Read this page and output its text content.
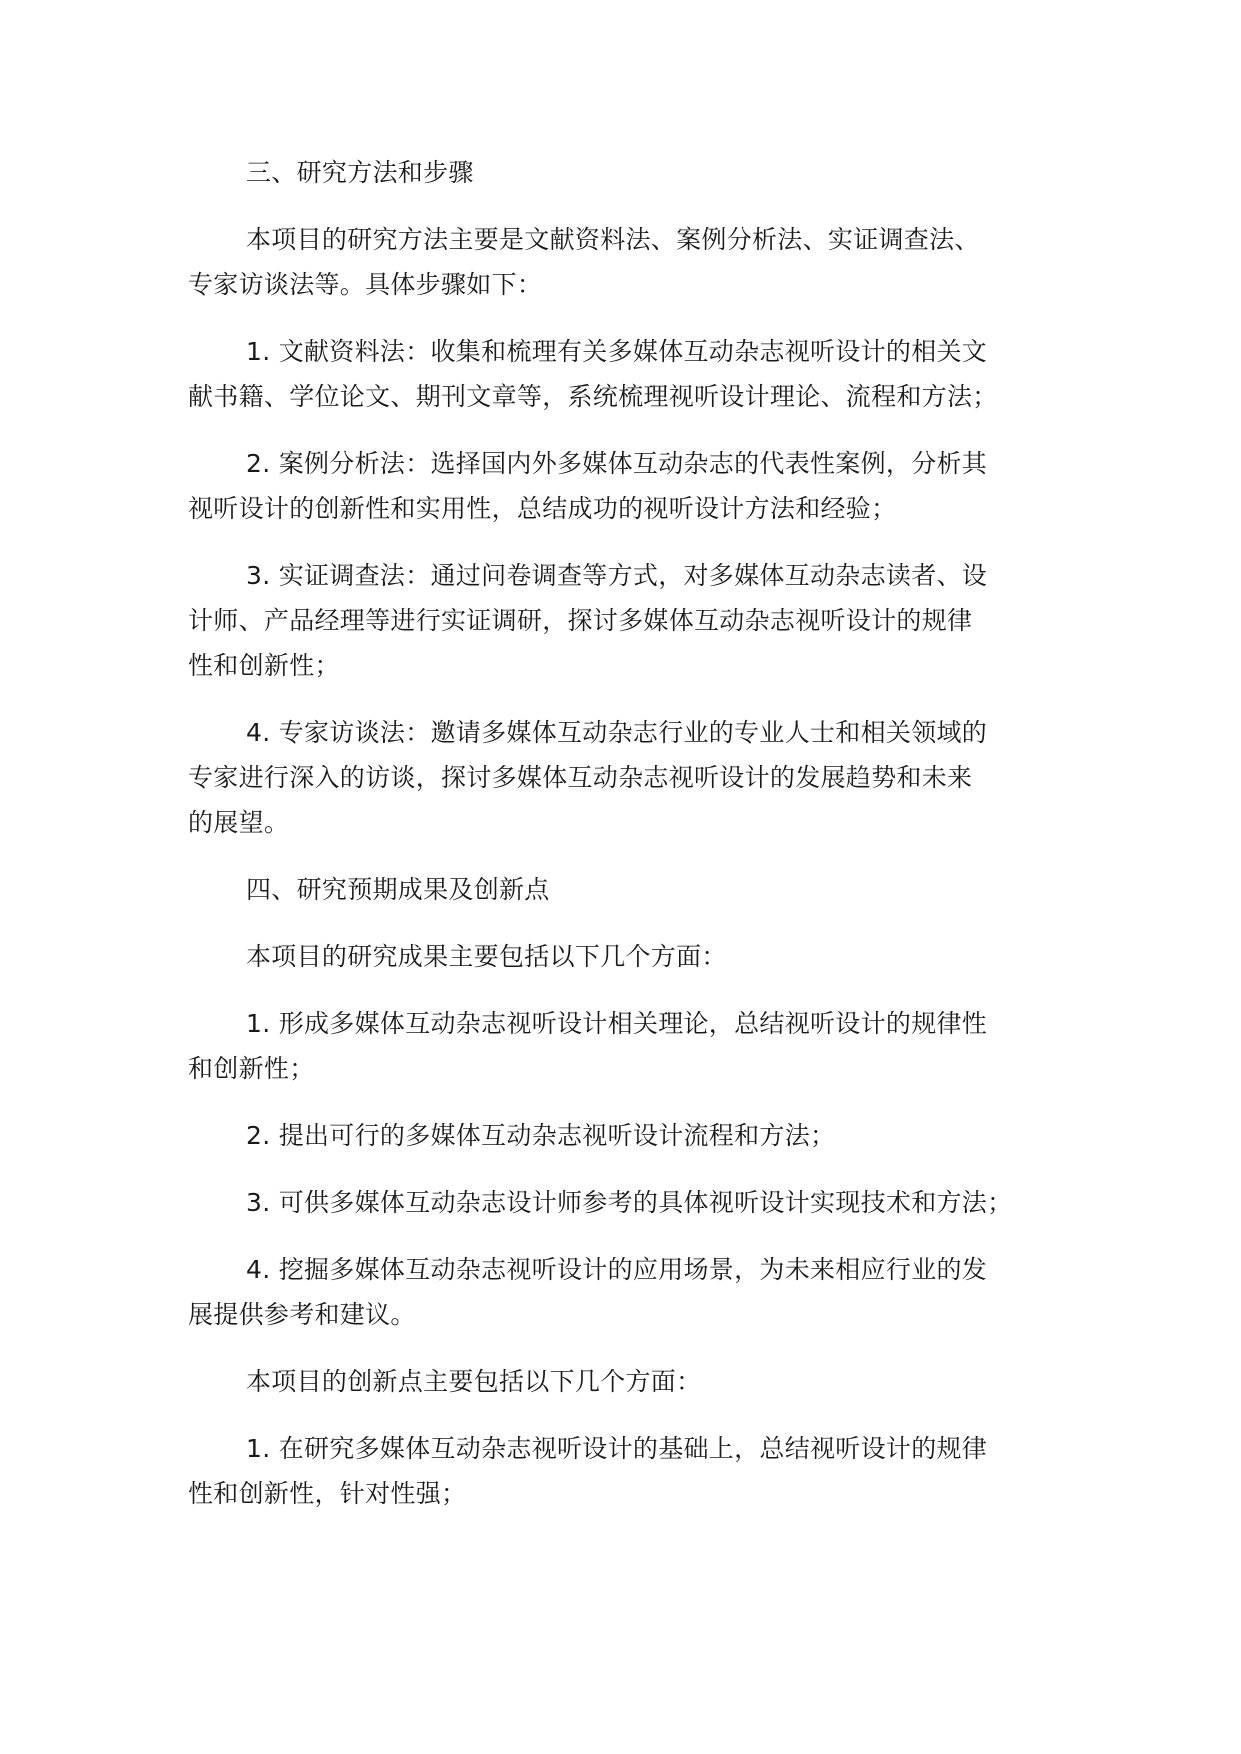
三、研究方法和步骤

本项目的研究方法主要是文献资料法、案例分析法、实证调查法、
专家访谈法等。具体步骤如下：

1. 文献资料法：收集和梳理有关多媒体互动杂志视听设计的相关文
献书籍、学位论文、期刊文章等，系统梳理视听设计理论、流程和方法；

2. 案例分析法：选择国内外多媒体互动杂志的代表性案例，分析其
视听设计的创新性和实用性，总结成功的视听设计方法和经验；

3. 实证调查法：通过问卷调查等方式，对多媒体互动杂志读者、设
计师、产品经理等进行实证调研，探讨多媒体互动杂志视听设计的规律
性和创新性；

4. 专家访谈法：邀请多媒体互动杂志行业的专业人士和相关领域的
专家进行深入的访谈，探讨多媒体互动杂志视听设计的发展趋势和未来
的展望。

四、研究预期成果及创新点

本项目的研究成果主要包括以下几个方面：

1. 形成多媒体互动杂志视听设计相关理论，总结视听设计的规律性
和创新性；

2. 提出可行的多媒体互动杂志视听设计流程和方法；

3. 可供多媒体互动杂志设计师参考的具体视听设计实现技术和方法；

4. 挖掘多媒体互动杂志视听设计的应用场景，为未来相应行业的发
展提供参考和建议。

本项目的创新点主要包括以下几个方面：

1. 在研究多媒体互动杂志视听设计的基础上，总结视听设计的规律
性和创新性，针对性强；
